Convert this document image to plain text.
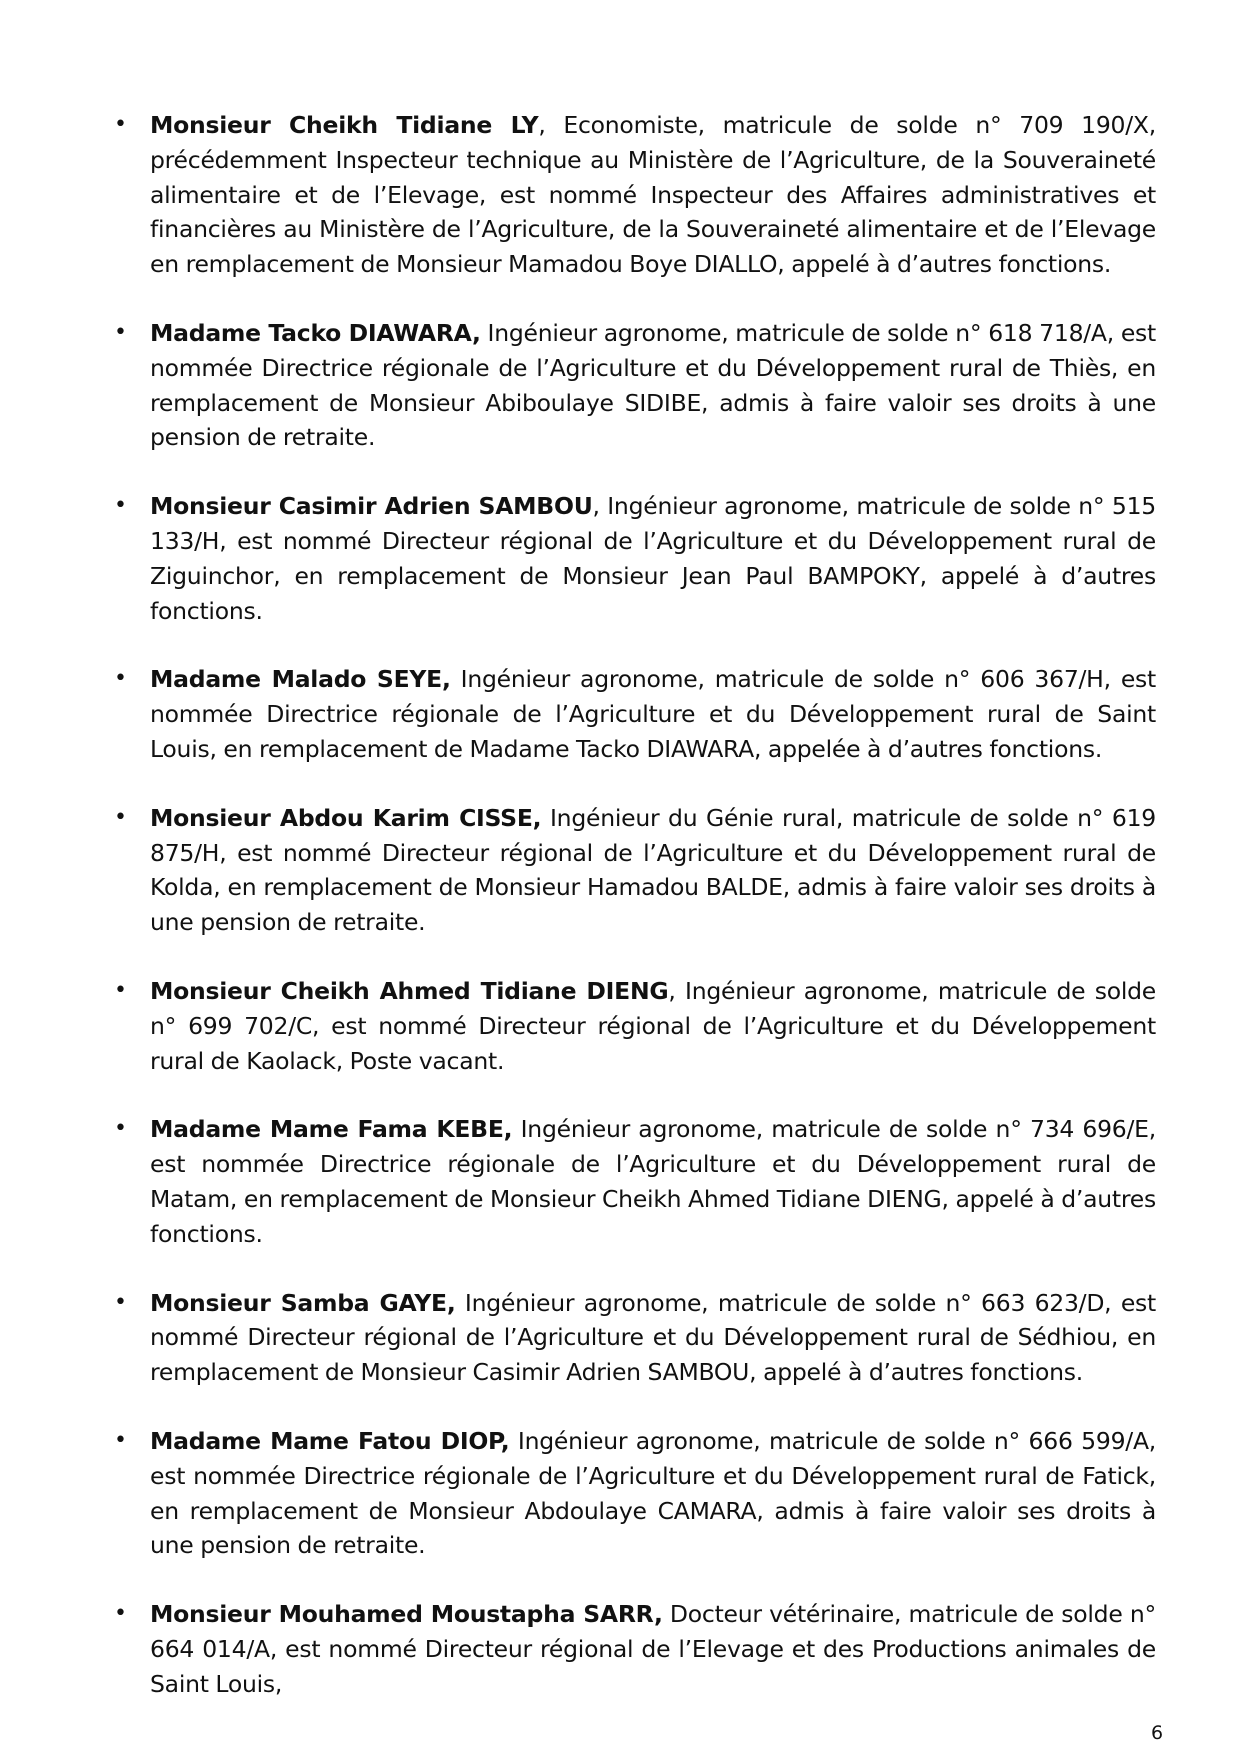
• Monsieur Cheikh Tidiane LY, Economiste, matricule de solde n° 709 190/X, précédemment Inspecteur technique au Ministère de l’Agriculture, de la Souveraineté alimentaire et de l’Elevage, est nommé Inspecteur des Affaires administratives et financières au Ministère de l’Agriculture, de la Souveraineté alimentaire et de l’Elevage en remplacement de Monsieur Mamadou Boye DIALLO, appelé à d’autres fonctions.
• Madame Tacko DIAWARA, Ingénieur agronome, matricule de solde n° 618 718/A, est nommée Directrice régionale de l’Agriculture et du Développement rural de Thiès, en remplacement de Monsieur Abiboulaye SIDIBE, admis à faire valoir ses droits à une pension de retraite.
• Monsieur Casimir Adrien SAMBOU, Ingénieur agronome, matricule de solde n° 515 133/H, est nommé Directeur régional de l’Agriculture et du Développement rural de Ziguinchor, en remplacement de Monsieur Jean Paul BAMPOKY, appelé à d’autres fonctions.
• Madame Malado SEYE, Ingénieur agronome, matricule de solde n° 606 367/H, est nommée Directrice régionale de l’Agriculture et du Développement rural de Saint Louis, en remplacement de Madame Tacko DIAWARA, appelée à d’autres fonctions.
• Monsieur Abdou Karim CISSE, Ingénieur du Génie rural, matricule de solde n° 619 875/H, est nommé Directeur régional de l’Agriculture et du Développement rural de Kolda, en remplacement de Monsieur Hamadou BALDE, admis à faire valoir ses droits à une pension de retraite.
• Monsieur Cheikh Ahmed Tidiane DIENG, Ingénieur agronome, matricule de solde n° 699 702/C, est nommé Directeur régional de l’Agriculture et du Développement rural de Kaolack, Poste vacant.
• Madame Mame Fama KEBE, Ingénieur agronome, matricule de solde n° 734 696/E, est nommée Directrice régionale de l’Agriculture et du Développement rural de Matam, en remplacement de Monsieur Cheikh Ahmed Tidiane DIENG, appelé à d’autres fonctions.
• Monsieur Samba GAYE, Ingénieur agronome, matricule de solde n° 663 623/D, est nommé Directeur régional de l’Agriculture et du Développement rural de Sédhiou, en remplacement de Monsieur Casimir Adrien SAMBOU, appelé à d’autres fonctions.
• Madame Mame Fatou DIOP, Ingénieur agronome, matricule de solde n° 666 599/A, est nommée Directrice régionale de l’Agriculture et du Développement rural de Fatick, en remplacement de Monsieur Abdoulaye CAMARA, admis à faire valoir ses droits à une pension de retraite.
• Monsieur Mouhamed Moustapha SARR, Docteur vétérinaire, matricule de solde n° 664 014/A, est nommé Directeur régional de l’Elevage et des Productions animales de Saint Louis,
6
